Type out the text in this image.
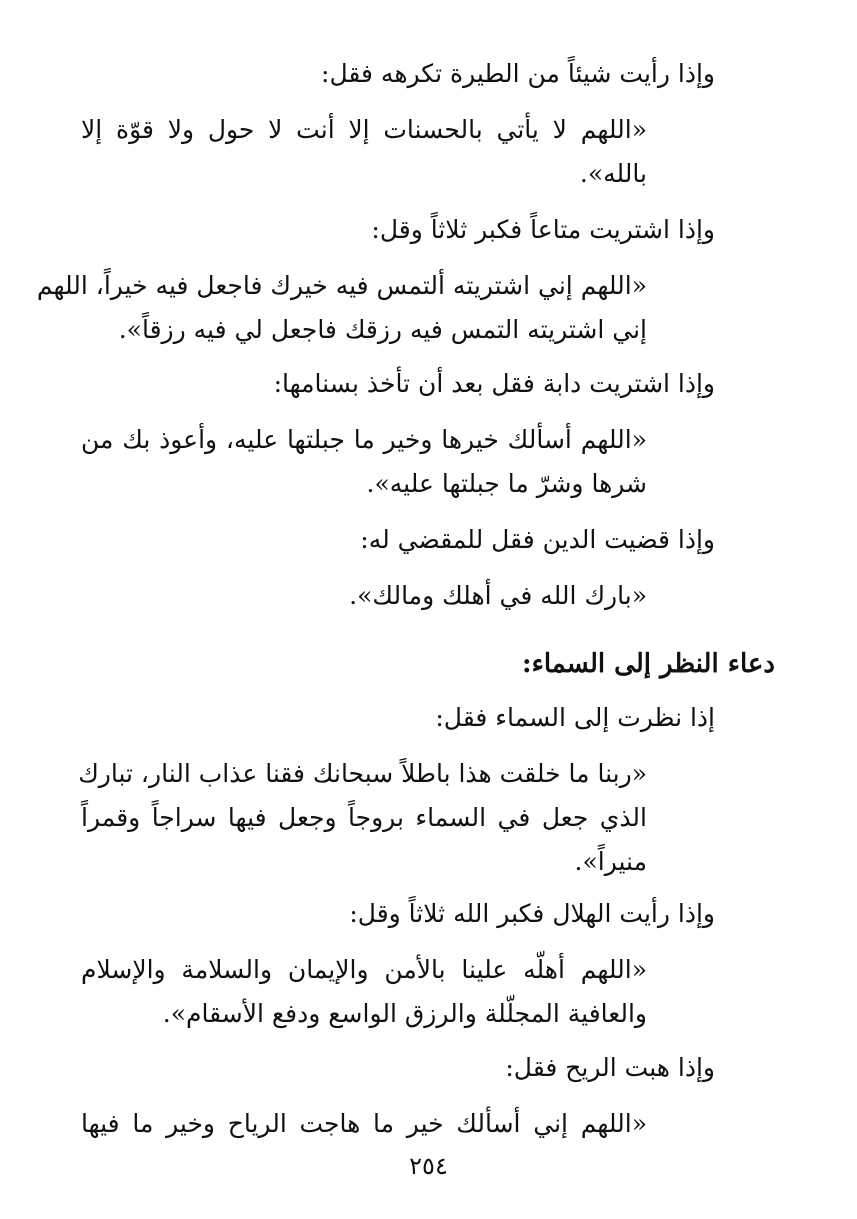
وإذا رأيت شيئاً من الطيرة تكرهه فقل:
«اللهم لا يأتي بالحسنات إلا أنت لا حول ولا قوّة إلا
بالله».
وإذا اشتريت متاعاً فكبر ثلاثاً وقل:
«اللهم إني اشتريته ألتمس فيه خيرك فاجعل فيه خيراً، اللهم
إني اشتريته التمس فيه رزقك فاجعل لي فيه رزقاً».
وإذا اشتريت دابة فقل بعد أن تأخذ بسنامها:
«اللهم أسألك خيرها وخير ما جبلتها عليه، وأعوذ بك من
شرها وشرّ ما جبلتها عليه».
وإذا قضيت الدين فقل للمقضي له:
«بارك الله في أهلك ومالك».
دعاء النظر إلى السماء:
إذا نظرت إلى السماء فقل:
«ربنا ما خلقت هذا باطلاً سبحانك فقنا عذاب النار، تبارك
الذي جعل في السماء بروجاً وجعل فيها سراجاً وقمراً
منيراً».
وإذا رأيت الهلال فكبر الله ثلاثاً وقل:
«اللهم أهلّه علينا بالأمن والإيمان والسلامة والإسلام
والعافية المجلّلة والرزق الواسع ودفع الأسقام».
وإذا هبت الريح فقل:
«اللهم إني أسألك خير ما هاجت الرياح وخير ما فيها
٢٥٤
